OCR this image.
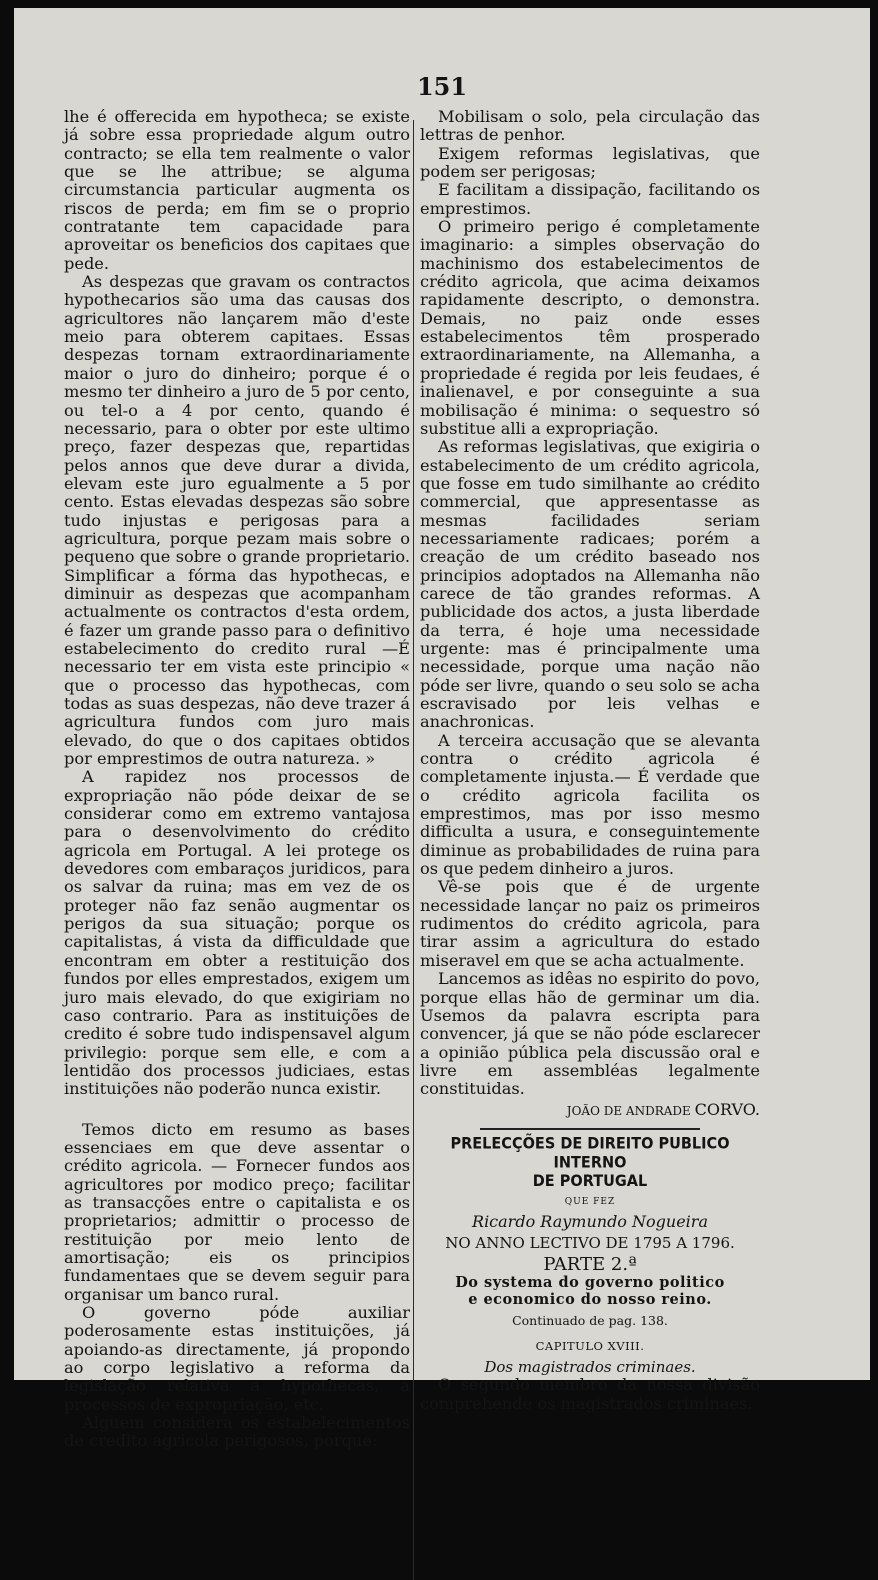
151

lhe é offerecida em hypotheca; se existe já sobre essa propriedade algum outro contracto; se ella tem realmente o valor que se lhe attribue; se alguma circumstancia particular augmenta os riscos de perda; em fim se o proprio contratante tem capacidade para aproveitar os beneficios dos capitaes que pede.

As despezas que gravam os contractos hypothecarios são uma das causas dos agricultores não lançarem mão d'este meio para obterem capitaes. Essas despezas tornam extraordinariamente maior o juro do dinheiro; porque é o mesmo ter dinheiro a juro de 5 por cento, ou tel-o a 4 por cento, quando é necessario, para o obter por este ultimo preço, fazer despezas que, repartidas pelos annos que deve durar a divida, elevam este juro egualmente a 5 por cento. Estas elevadas despezas são sobre tudo injustas e perigosas para a agricultura, porque pezam mais sobre o pequeno que sobre o grande proprietario. Simplificar a fórma das hypothecas, e diminuir as despezas que acompanham actualmente os contractos d'esta ordem, é fazer um grande passo para o definitivo estabelecimento do credito rural —É necessario ter em vista este principio « que o processo das hypothecas, com todas as suas despezas, não deve trazer á agricultura fundos com juro mais elevado, do que o dos capitaes obtidos por emprestimos de outra natureza. »

A rapidez nos processos de expropriação não póde deixar de se considerar como em extremo vantajosa para o desenvolvimento do crédito agricola em Portugal. A lei protege os devedores com embaraços juridicos, para os salvar da ruina; mas em vez de os proteger não faz senão augmentar os perigos da sua situação; porque os capitalistas, á vista da difficuldade que encontram em obter a restituição dos fundos por elles emprestados, exigem um juro mais elevado, do que exigiriam no caso contrario. Para as instituições de credito é sobre tudo indispensavel algum privilegio: porque sem elle, e com a lentidão dos processos judiciaes, estas instituições não poderão nunca existir.

Temos dicto em resumo as bases essenciaes em que deve assentar o crédito agricola. — Fornecer fundos aos agricultores por modico preço; facilitar as transacções entre o capitalista e os proprietarios; admittir o processo de restituição por meio lento de amortisação; eis os principios fundamentaes que se devem seguir para organisar um banco rural.

O governo póde auxiliar poderosamente estas instituições, já apoiando-as directamente, já propondo ao corpo legislativo a reforma da legislação relativa a hypothecas, a processos de expropriação, etc.

Alguem considera os estabelecimentos de credito agricola perigosos, porque:

Mobilisam o solo, pela circulação das lettras de penhor.

Exigem reformas legislativas, que podem ser perigosas;

E facilitam a dissipação, facilitando os emprestimos.

O primeiro perigo é completamente imaginario: a simples observação do machinismo dos estabelecimentos de crédito agricola, que acima deixamos rapidamente descripto, o demonstra. Demais, no paiz onde esses estabelecimentos têm prosperado extraordinariamente, na Allemanha, a propriedade é regida por leis feudaes, é inalienavel, e por conseguinte a sua mobilisação é minima: o sequestro só substitue alli a expropriação.

As reformas legislativas, que exigiria o estabelecimento de um crédito agricola, que fosse em tudo similhante ao crédito commercial, que appresentasse as mesmas facilidades seriam necessariamente radicaes; porém a creação de um crédito baseado nos principios adoptados na Allemanha não carece de tão grandes reformas. A publicidade dos actos, a justa liberdade da terra, é hoje uma necessidade urgente: mas é principalmente uma necessidade, porque uma nação não póde ser livre, quando o seu solo se acha escravisado por leis velhas e anachronicas.

A terceira accusação que se alevanta contra o crédito agricola é completamente injusta.— É verdade que o crédito agricola facilita os emprestimos, mas por isso mesmo difficulta a usura, e conseguintemente diminue as probabilidades de ruina para os que pedem dinheiro a juros.

Vê-se pois que é de urgente necessidade lançar no paiz os primeiros rudimentos do crédito agricola, para tirar assim a agricultura do estado miseravel em que se acha actualmente.

Lancemos as idêas no espirito do povo, porque ellas hão de germinar um dia. Usemos da palavra escripta para convencer, já que se não póde esclarecer a opinião pública pela discussão oral e livre em assembléas legalmente constituidas.

JOÃO DE ANDRADE CORVO.
PRELECÇÕES DE DIREITO PUBLICO INTERNO
DE PORTUGAL
QUE FEZ
Ricardo Raymundo Nogueira
NO ANNO LECTIVO DE 1795 A 1796.
PARTE 2.ª
Do systema do governo politico
e economico do nosso reino.
Continuado de pag. 138.
CAPITULO XVIII.
Dos magistrados criminaes.

O segundo membro da nossa divisão comprehende os magistrados criminaes.
